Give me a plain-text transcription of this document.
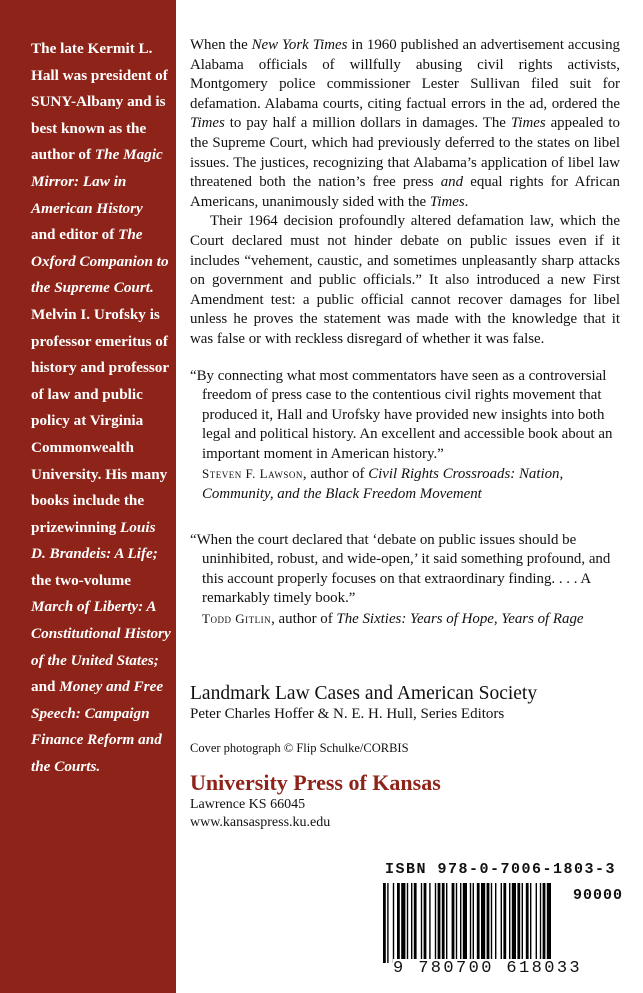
The late Kermit L. Hall was president of SUNY-Albany and is best known as the author of The Magic Mirror: Law in American History and editor of The Oxford Companion to the Supreme Court. Melvin I. Urofsky is professor emeritus of history and professor of law and public policy at Virginia Commonwealth University. His many books include the prizewinning Louis D. Brandeis: A Life; the two-volume March of Liberty: A Constitutional History of the United States; and Money and Free Speech: Campaign Finance Reform and the Courts.

When the New York Times in 1960 published an advertisement accusing Alabama officials of willfully abusing civil rights activists, Montgomery police commissioner Lester Sullivan filed suit for defamation. Alabama courts, citing factual errors in the ad, ordered the Times to pay half a million dollars in damages. The Times appealed to the Supreme Court, which had previously deferred to the states on libel issues. The justices, recognizing that Alabama’s application of libel law threatened both the nation’s free press and equal rights for African Americans, unanimously sided with the Times.

Their 1964 decision profoundly altered defamation law, which the Court declared must not hinder debate on public issues even if it includes “vehement, caustic, and sometimes unpleasantly sharp attacks on government and public officials.” It also introduced a new First Amendment test: a public official cannot recover damages for libel unless he proves the statement was made with the knowledge that it was false or with reckless disregard of whether it was false.

“By connecting what most commentators have seen as a controversial freedom of press case to the contentious civil rights movement that produced it, Hall and Urofsky have provided new insights into both legal and political history. An excellent and accessible book about an important moment in American history.”
Steven F. Lawson, author of Civil Rights Crossroads: Nation, Community, and the Black Freedom Movement
“When the court declared that ‘debate on public issues should be uninhibited, robust, and wide-open,’ it said something profound, and this account properly focuses on that extraordinary finding. . . . A remarkably timely book.”
Todd Gitlin, author of The Sixties: Years of Hope, Years of Rage
Landmark Law Cases and American Society
Peter Charles Hoffer & N. E. H. Hull, Series Editors
Cover photograph © Flip Schulke/CORBIS
University Press of Kansas
Lawrence KS 66045
www.kansaspress.ku.edu
ISBN 978-0-7006-1803-3
90000
9 780700 618033
